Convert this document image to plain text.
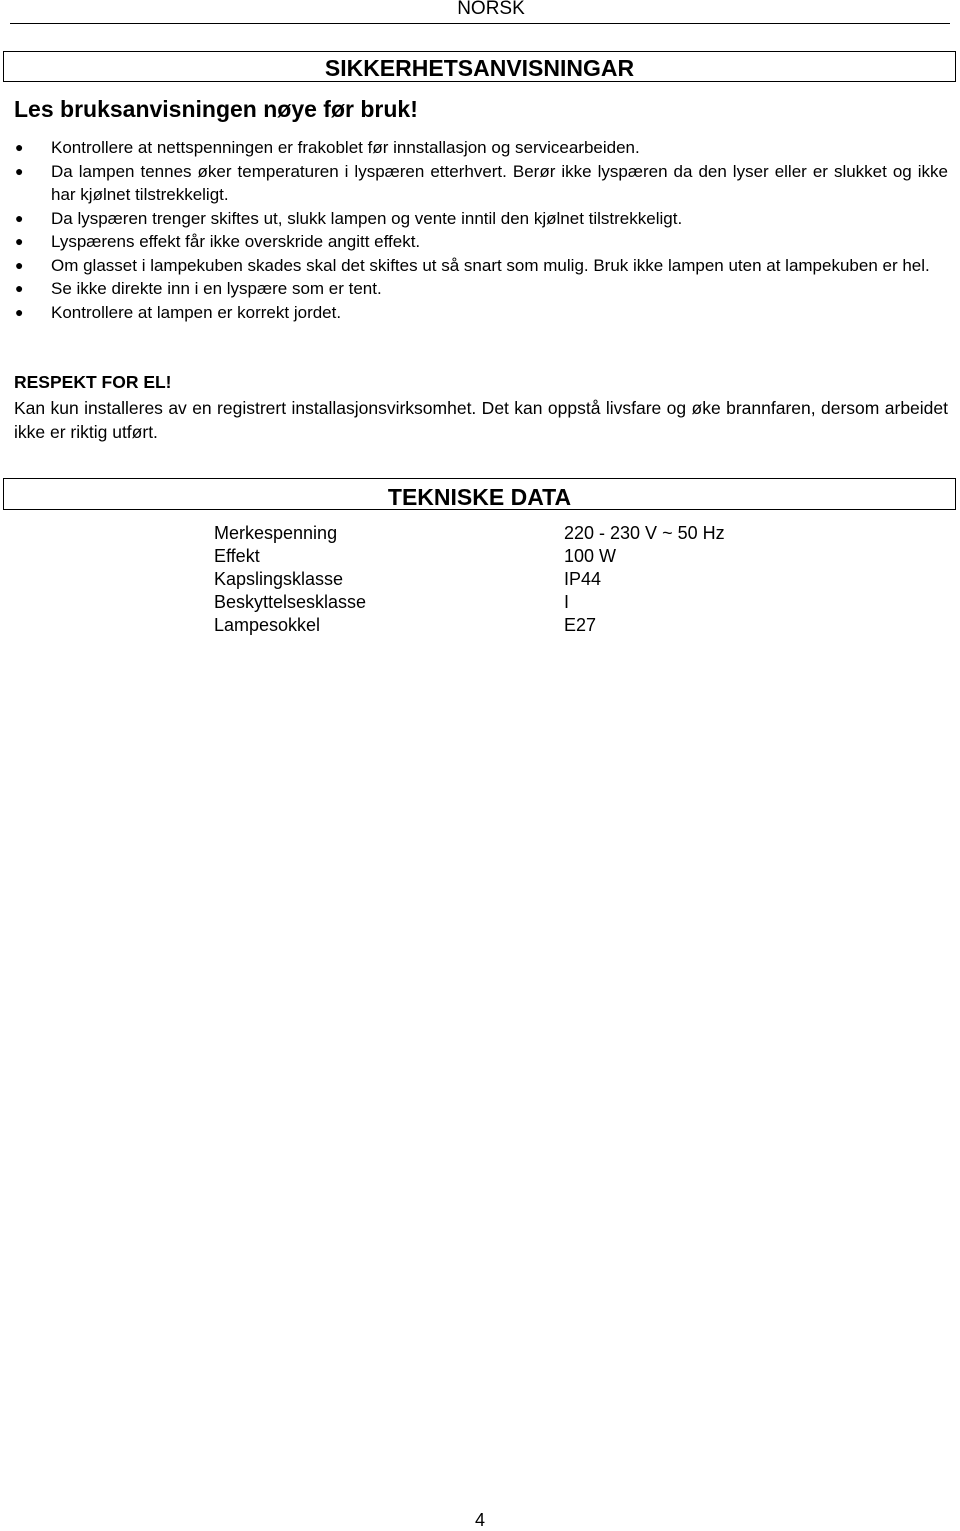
NORSK
SIKKERHETSANVISNINGAR
Les bruksanvisningen nøye før bruk!
● Kontrollere at nettspenningen er frakoblet før innstallasjon og servicearbeiden.
● Da lampen tennes øker temperaturen i lyspæren etterhvert. Berør ikke lyspæren da den lyser eller er slukket og ikke har kjølnet tilstrekkeligt.
● Da lyspæren trenger skiftes ut, slukk lampen og vente inntil den kjølnet tilstrekkeligt.
● Lyspærens effekt får ikke overskride angitt effekt.
● Om glasset i lampekuben skades skal det skiftes ut så snart som mulig. Bruk ikke lampen uten at lampekuben er hel.
● Se ikke direkte inn i en lyspære som er tent.
● Kontrollere at lampen er korrekt jordet.
RESPEKT FOR EL!

Kan kun installeres av en registrert installasjonsvirksomhet. Det kan oppstå livsfare og øke brannfaren, dersom arbeidet ikke er riktig utført.

TEKNISKE DATA
Merkespenning	220 - 230 V ~ 50 Hz
Effekt	100 W
Kapslingsklasse	IP44
Beskyttelsesklasse	I
Lampesokkel	E27
4
